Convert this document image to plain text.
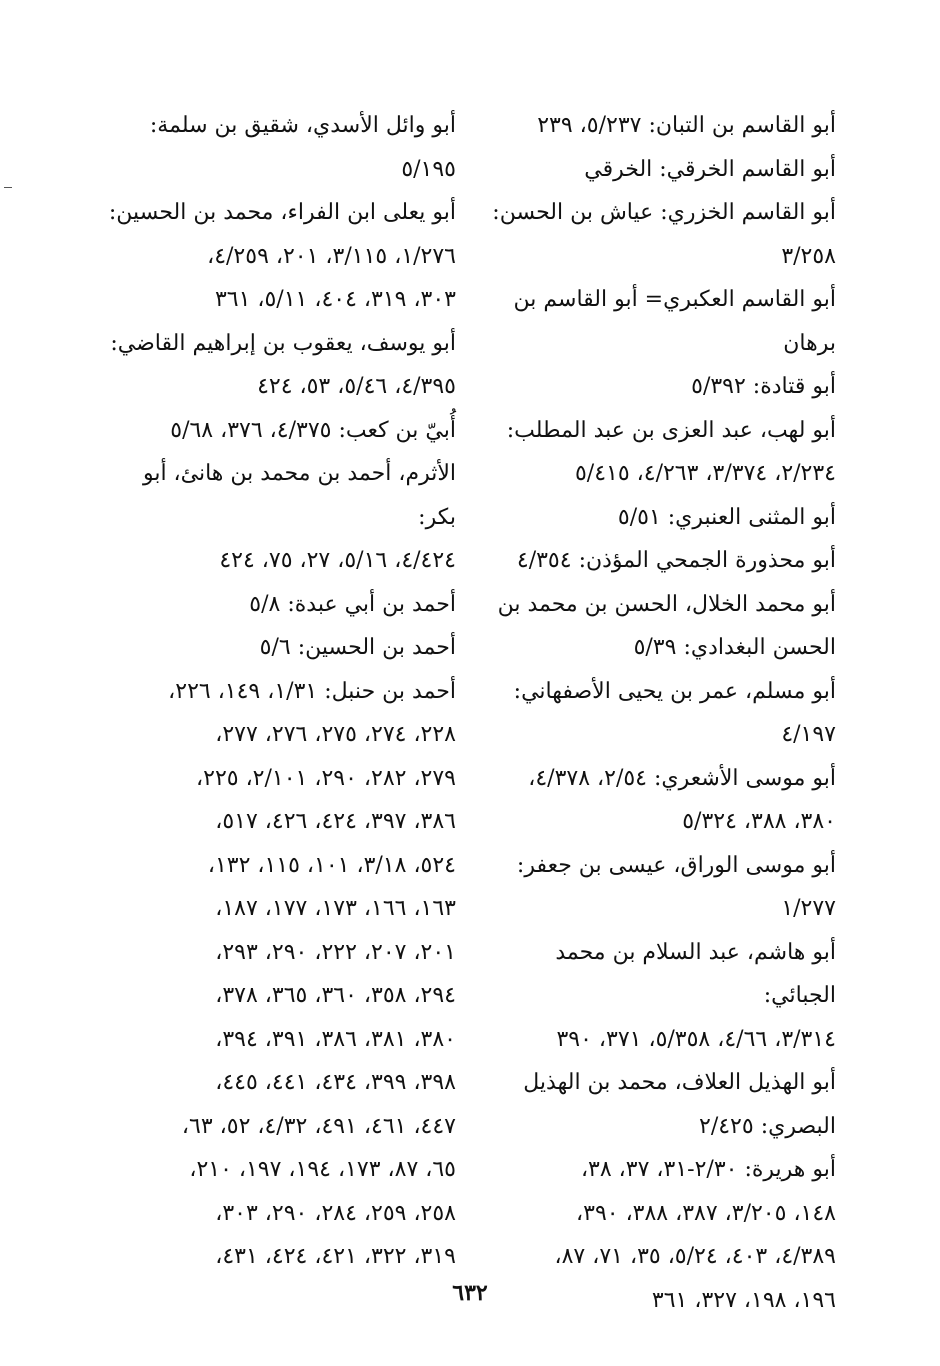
أبو القاسم بن التبان: ٥/٢٣٧، ٢٣٩

أبو القاسم الخرقي: الخرقي

أبو القاسم الخزري: عياش بن الحسن:

٣/٢٥٨

أبو القاسم العكبري= أبو القاسم بن برهان

أبو قتادة: ٥/٣٩٢

أبو لهب، عبد العزى بن عبد المطلب:

٢/٢٣٤، ٣/٣٧٤، ٤/٢٦٣، ٥/٤١٥

أبو المثنى العنبري: ٥/٥١

أبو محذورة الجمحي المؤذن: ٤/٣٥٤

أبو محمد الخلال، الحسن بن محمد بن

الحسن البغدادي: ٥/٣٩

أبو مسلم، عمر بن يحيى الأصفهاني:

٤/١٩٧

أبو موسى الأشعري: ٢/٥٤، ٤/٣٧٨،

٣٨٠، ٣٨٨، ٥/٣٢٤

أبو موسى الوراق، عيسى بن جعفر:

١/٢٧٧

أبو هاشم، عبد السلام بن محمد الجبائي:

٣/٣١٤، ٤/٦٦، ٥/٣٥٨، ٣٧١، ٣٩٠

أبو الهذيل العلاف، محمد بن الهذيل

البصري: ٢/٤٢٥

أبو هريرة: ٢/٣٠-٣١، ٣٧، ٣٨،

١٤٨، ٣/٢٠٥، ٣٨٧، ٣٨٨، ٣٩٠،

٤/٣٨٩، ٤٠٣، ٥/٢٤، ٣٥، ٧١، ٨٧،

١٩٦، ١٩٨، ٣٢٧، ٣٦١

أبو وائل الأسدي، شقيق بن سلمة:

٥/١٩٥

أبو يعلى ابن الفراء، محمد بن الحسين:

١/٢٧٦، ٣/١١٥، ٢٠١، ٤/٢٥٩،

٣٠٣، ٣١٩، ٤٠٤، ٥/١١، ٣٦١

أبو يوسف، يعقوب بن إبراهيم القاضي:

٤/٣٩٥، ٥/٤٦، ٥٣، ٤٢٤

أُبيّ بن كعب: ٤/٣٧٥، ٣٧٦، ٥/٦٨

الأثرم، أحمد بن محمد بن هانئ، أبو بكر:

٤/٤٢٤، ٥/١٦، ٢٧، ٧٥، ٤٢٤

أحمد بن أبي عبدة: ٥/٨

أحمد بن الحسين: ٥/٦

أحمد بن حنبل: ١/٣١، ١٤٩، ٢٢٦،

٢٢٨، ٢٧٤، ٢٧٥، ٢٧٦، ٢٧٧،

٢٧٩، ٢٨٢، ٢٩٠، ٢/١٠١، ٢٢٥،

٣٨٦، ٣٩٧، ٤٢٤، ٤٢٦، ٥١٧،

٥٢٤، ٣/١٨، ١٠١، ١١٥، ١٣٢،

١٦٣، ١٦٦، ١٧٣، ١٧٧، ١٨٧،

٢٠١، ٢٠٧، ٢٢٢، ٢٩٠، ٢٩٣،

٢٩٤، ٣٥٨، ٣٦٠، ٣٦٥، ٣٧٨،

٣٨٠، ٣٨١، ٣٨٦، ٣٩١، ٣٩٤،

٣٩٨، ٣٩٩، ٤٣٤، ٤٤١، ٤٤٥،

٤٤٧، ٤٦١، ٤٩١، ٤/٣٢، ٥٢، ٦٣،

٦٥، ٨٧، ١٧٣، ١٩٤، ١٩٧، ٢١٠،

٢٥٨، ٢٥٩، ٢٨٤، ٢٩٠، ٣٠٣،

٣١٩، ٣٢٢، ٤٢١، ٤٢٤، ٤٣١،

٦٣٢
